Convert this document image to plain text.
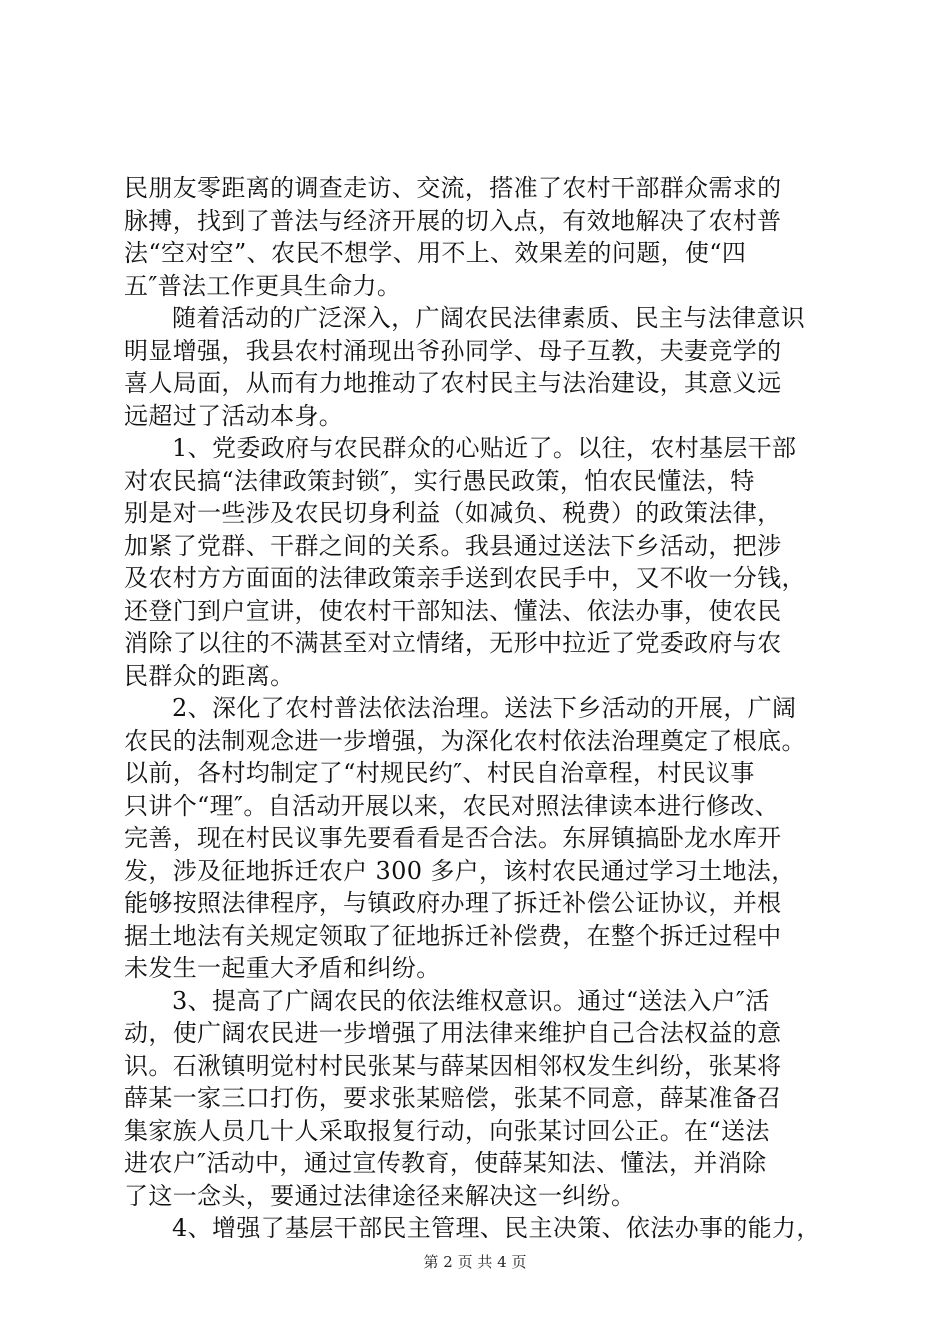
民朋友零距离的调查走访、交流，搭准了农村干部群众需求的
脉搏，找到了普法与经济开展的切入点，有效地解决了农村普
法“空对空”、农民不想学、用不上、效果差的问题，使“四
五″普法工作更具生命力。
随着活动的广泛深入，广阔农民法律素质、民主与法律意识
明显增强，我县农村涌现出爷孙同学、母子互教，夫妻竞学的
喜人局面，从而有力地推动了农村民主与法治建设，其意义远
远超过了活动本身。
1、党委政府与农民群众的心贴近了。以往，农村基层干部
对农民搞“法律政策封锁″，实行愚民政策，怕农民懂法，特
别是对一些涉及农民切身利益（如减负、税费）的政策法律，
加紧了党群、干群之间的关系。我县通过送法下乡活动，把涉
及农村方方面面的法律政策亲手送到农民手中，又不收一分钱，
还登门到户宣讲，使农村干部知法、懂法、依法办事，使农民
消除了以往的不满甚至对立情绪，无形中拉近了党委政府与农
民群众的距离。
2、深化了农村普法依法治理。送法下乡活动的开展，广阔
农民的法制观念进一步增强，为深化农村依法治理奠定了根底。
以前，各村均制定了“村规民约″、村民自治章程，村民议事
只讲个“理″。自活动开展以来，农民对照法律读本进行修改、
完善，现在村民议事先要看看是否合法。东屏镇搞卧龙水库开
发，涉及征地拆迁农户 300 多户，该村农民通过学习土地法，
能够按照法律程序，与镇政府办理了拆迁补偿公证协议，并根
据土地法有关规定领取了征地拆迁补偿费，在整个拆迁过程中
未发生一起重大矛盾和纠纷。
3、提高了广阔农民的依法维权意识。通过“送法入户″活
动，使广阔农民进一步增强了用法律来维护自己合法权益的意
识。石湫镇明觉村村民张某与薛某因相邻权发生纠纷，张某将
薛某一家三口打伤，要求张某赔偿，张某不同意，薛某准备召
集家族人员几十人采取报复行动，向张某讨回公正。在“送法
进农户″活动中，通过宣传教育，使薛某知法、懂法，并消除
了这一念头，要通过法律途径来解决这一纠纷。
4、增强了基层干部民主管理、民主决策、依法办事的能力，
第 2 页 共 4 页
